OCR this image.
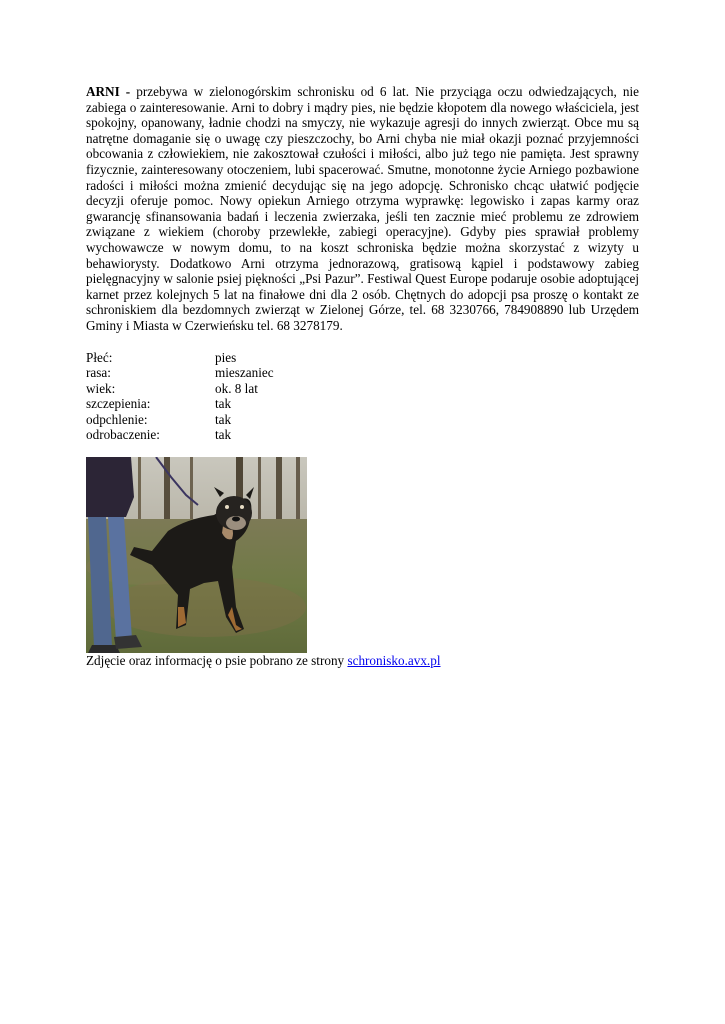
ARNI - przebywa w zielonogórskim schronisku od 6 lat. Nie przyciąga oczu odwiedzających, nie zabiega o zainteresowanie. Arni to dobry i mądry pies, nie będzie kłopotem dla nowego właściciela, jest spokojny, opanowany, ładnie chodzi na smyczy, nie wykazuje agresji do innych zwierząt. Obce mu są natrętne domaganie się o uwagę czy pieszczochy, bo Arni chyba nie miał okazji poznać przyjemności obcowania z człowiekiem, nie zakosztował czułości i miłości, albo już tego nie pamięta. Jest sprawny fizycznie, zainteresowany otoczeniem, lubi spacerować. Smutne, monotonne życie Arniego pozbawione radości i miłości można zmienić decydując się na jego adopcję. Schronisko chcąc ułatwić podjęcie decyzji oferuje pomoc. Nowy opiekun Arniego otrzyma wyprawkę: legowisko i zapas karmy oraz gwarancję sfinansowania badań i leczenia zwierzaka, jeśli ten zacznie mieć problemu ze zdrowiem związane z wiekiem (choroby przewlekłe, zabiegi operacyjne). Gdyby pies sprawiał problemy wychowawcze w nowym domu, to na koszt schroniska będzie można skorzystać z wizyty u behawiorysty. Dodatkowo Arni otrzyma jednorazową, gratisową kąpiel i podstawowy zabieg pielęgnacyjny w salonie psiej piękności „Psi Pazur”. Festiwal Quest Europe podaruje osobie adoptującej karnet przez kolejnych 5 lat na finałowe dni dla 2 osób. Chętnych do adopcji psa proszę o kontakt ze schroniskiem dla bezdomnych zwierząt w Zielonej Górze, tel. 68 3230766, 784908890 lub Urzędem Gminy i Miasta w Czerwieńsku tel. 68 3278179.

Płeć:	pies
rasa:	mieszaniec
wiek:	ok. 8 lat
szczepienia:	tak
odpchlenie:	tak
odrobaczenie:	tak

Zdjęcie oraz informację o psie pobrano ze strony schronisko.avx.pl
